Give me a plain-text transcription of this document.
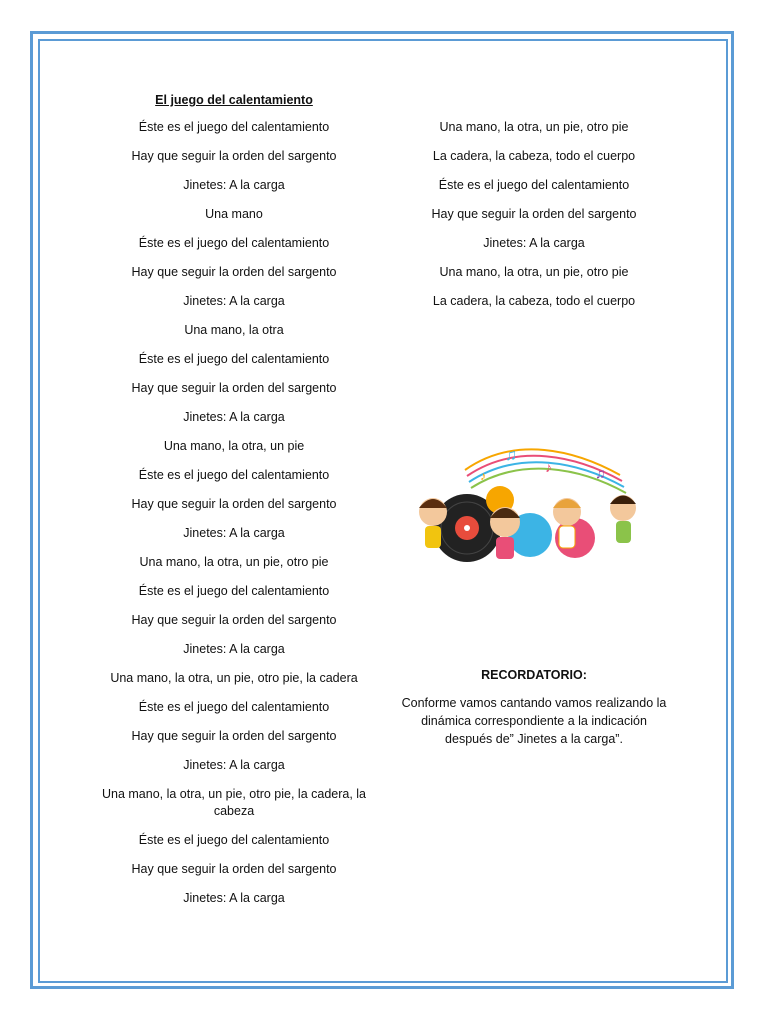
El juego del calentamiento
Éste es el juego del calentamiento
Hay que seguir la orden del sargento
Jinetes: A la carga
Una mano
Éste es el juego del calentamiento
Hay que seguir la orden del sargento
Jinetes: A la carga
Una mano, la otra
Éste es el juego del calentamiento
Hay que seguir la orden del sargento
Jinetes: A la carga
Una mano, la otra, un pie
Éste es el juego del calentamiento
Hay que seguir la orden del sargento
Jinetes: A la carga
Una mano, la otra, un pie, otro pie
Éste es el juego del calentamiento
Hay que seguir la orden del sargento
Jinetes: A la carga
Una mano, la otra, un pie, otro pie, la cadera
Éste es el juego del calentamiento
Hay que seguir la orden del sargento
Jinetes: A la carga
Una mano, la otra, un pie, otro pie, la cadera, la cabeza
Éste es el juego del calentamiento
Hay que seguir la orden del sargento
Jinetes: A la carga
Una mano, la otra, un pie, otro pie
La cadera, la cabeza, todo el cuerpo
Éste es el juego del calentamiento
Hay que seguir la orden del sargento
Jinetes: A la carga
Una mano, la otra, un pie, otro pie
La cadera, la cabeza, todo el cuerpo
♫
♪	♫
♪
RECORDATORIO:
Conforme vamos cantando vamos realizando la dinámica correspondiente a la indicación después de” Jinetes a la carga”.
